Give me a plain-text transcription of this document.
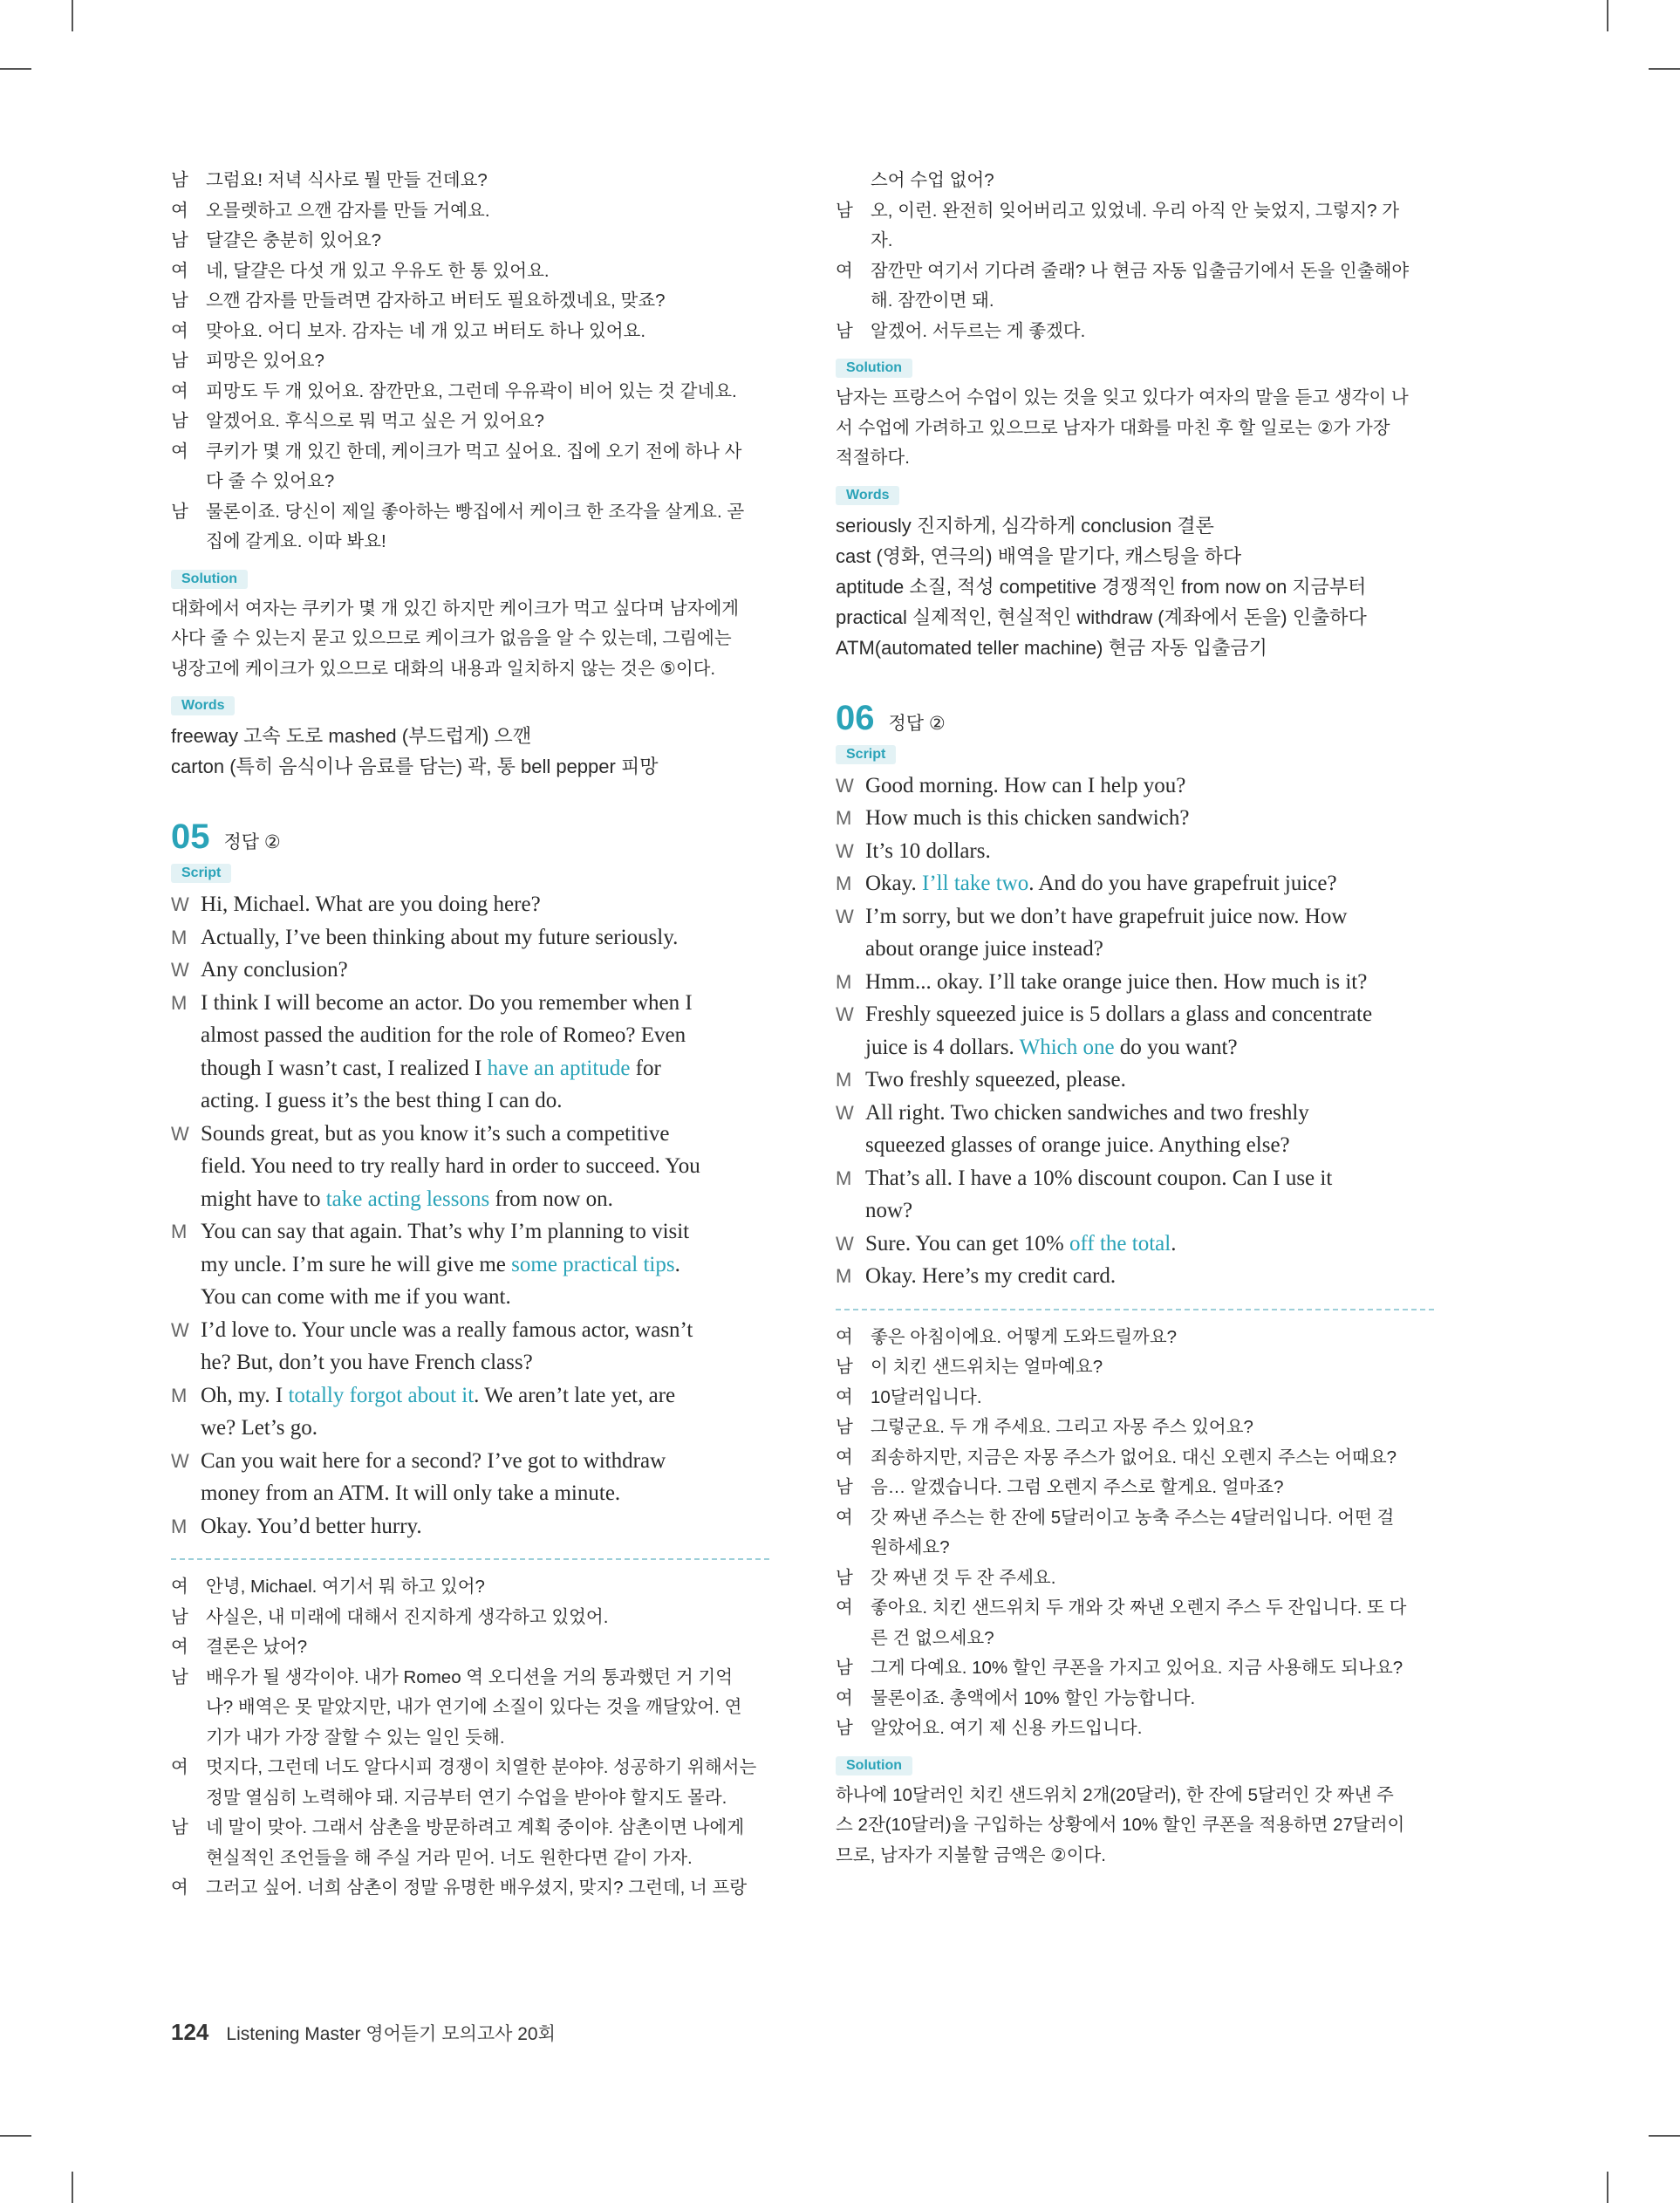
남 그럼요! 저녁 식사로 뭘 만들 건데요?
여 오믈렛하고 으깬 감자를 만들 거예요.
남 달걀은 충분히 있어요?
여 네, 달걀은 다섯 개 있고 우유도 한 통 있어요.
남 으깬 감자를 만들려면 감자하고 버터도 필요하겠네요, 맞죠?
여 맞아요. 어디 보자. 감자는 네 개 있고 버터도 하나 있어요.
남 피망은 있어요?
여 피망도 두 개 있어요. 잠깐만요, 그런데 우유곽이 비어 있는 것 같네요.
남 알겠어요. 후식으로 뭐 먹고 싶은 거 있어요?
여 쿠키가 몇 개 있긴 한데, 케이크가 먹고 싶어요. 집에 오기 전에 하나 사
다 줄 수 있어요?
남 물론이죠. 당신이 제일 좋아하는 빵집에서 케이크 한 조각을 살게요. 곧
집에 갈게요. 이따 봐요!
Solution
대화에서 여자는 쿠키가 몇 개 있긴 하지만 케이크가 먹고 싶다며 남자에게
사다 줄 수 있는지 묻고 있으므로 케이크가 없음을 알 수 있는데, 그림에는
냉장고에 케이크가 있으므로 대화의 내용과 일치하지 않는 것은 ⑤이다.
Words
freeway 고속 도로 mashed (부드럽게) 으깬
carton (특히 음식이나 음료를 담는) 곽, 통 bell pepper 피망
05 정답 ②
Script
W Hi, Michael. What are you doing here?
M Actually, I’ve been thinking about my future seriously.
W Any conclusion?
M I think I will become an actor. Do you remember when I
almost passed the audition for the role of Romeo? Even
though I wasn’t cast, I realized I have an aptitude for
acting. I guess it’s the best thing I can do.
W Sounds great, but as you know it’s such a competitive
field. You need to try really hard in order to succeed. You
might have to take acting lessons from now on.
M You can say that again. That’s why I’m planning to visit
my uncle. I’m sure he will give me some practical tips.
You can come with me if you want.
W I’d love to. Your uncle was a really famous actor, wasn’t
he? But, don’t you have French class?
M Oh, my. I totally forgot about it. We aren’t late yet, are
we? Let’s go.
W Can you wait here for a second? I’ve got to withdraw
money from an ATM. It will only take a minute.
M Okay. You’d better hurry.
여 안녕, Michael. 여기서 뭐 하고 있어?
남 사실은, 내 미래에 대해서 진지하게 생각하고 있었어.
여 결론은 났어?
남 배우가 될 생각이야. 내가 Romeo 역 오디션을 거의 통과했던 거 기억
나? 배역은 못 맡았지만, 내가 연기에 소질이 있다는 것을 깨달았어. 연
기가 내가 가장 잘할 수 있는 일인 듯해.
여 멋지다, 그런데 너도 알다시피 경쟁이 치열한 분야야. 성공하기 위해서는
정말 열심히 노력해야 돼. 지금부터 연기 수업을 받아야 할지도 몰라.
남 네 말이 맞아. 그래서 삼촌을 방문하려고 계획 중이야. 삼촌이면 나에게
현실적인 조언들을 해 주실 거라 믿어. 너도 원한다면 같이 가자.
여 그러고 싶어. 너희 삼촌이 정말 유명한 배우셨지, 맞지? 그런데, 너 프랑
스어 수업 없어?
남 오, 이런. 완전히 잊어버리고 있었네. 우리 아직 안 늦었지, 그렇지? 가
자.
여 잠깐만 여기서 기다려 줄래? 나 현금 자동 입출금기에서 돈을 인출해야
해. 잠깐이면 돼.
남 알겠어. 서두르는 게 좋겠다.
Solution
남자는 프랑스어 수업이 있는 것을 잊고 있다가 여자의 말을 듣고 생각이 나
서 수업에 가려하고 있으므로 남자가 대화를 마친 후 할 일로는 ②가 가장
적절하다.
Words
seriously 진지하게, 심각하게 conclusion 결론
cast (영화, 연극의) 배역을 맡기다, 캐스팅을 하다
aptitude 소질, 적성 competitive 경쟁적인 from now on 지금부터
practical 실제적인, 현실적인 withdraw (계좌에서 돈을) 인출하다
ATM(automated teller machine) 현금 자동 입출금기
06 정답 ②
Script
W Good morning. How can I help you?
M How much is this chicken sandwich?
W It’s 10 dollars.
M Okay. I’ll take two. And do you have grapefruit juice?
W I’m sorry, but we don’t have grapefruit juice now. How
about orange juice instead?
M Hmm... okay. I’ll take orange juice then. How much is it?
W Freshly squeezed juice is 5 dollars a glass and concentrate
juice is 4 dollars. Which one do you want?
M Two freshly squeezed, please.
W All right. Two chicken sandwiches and two freshly
squeezed glasses of orange juice. Anything else?
M That’s all. I have a 10% discount coupon. Can I use it
now?
W Sure. You can get 10% off the total.
M Okay. Here’s my credit card.
여 좋은 아침이에요. 어떻게 도와드릴까요?
남 이 치킨 샌드위치는 얼마예요?
여 10달러입니다.
남 그렇군요. 두 개 주세요. 그리고 자몽 주스 있어요?
여 죄송하지만, 지금은 자몽 주스가 없어요. 대신 오렌지 주스는 어때요?
남 음… 알겠습니다. 그럼 오렌지 주스로 할게요. 얼마죠?
여 갓 짜낸 주스는 한 잔에 5달러이고 농축 주스는 4달러입니다. 어떤 걸
원하세요?
남 갓 짜낸 것 두 잔 주세요.
여 좋아요. 치킨 샌드위치 두 개와 갓 짜낸 오렌지 주스 두 잔입니다. 또 다
른 건 없으세요?
남 그게 다예요. 10% 할인 쿠폰을 가지고 있어요. 지금 사용해도 되나요?
여 물론이죠. 총액에서 10% 할인 가능합니다.
남 알았어요. 여기 제 신용 카드입니다.
Solution
하나에 10달러인 치킨 샌드위치 2개(20달러), 한 잔에 5달러인 갓 짜낸 주
스 2잔(10달러)을 구입하는 상황에서 10% 할인 쿠폰을 적용하면 27달러이
므로, 남자가 지불할 금액은 ②이다.
124 Listening Master 영어듣기 모의고사 20회
